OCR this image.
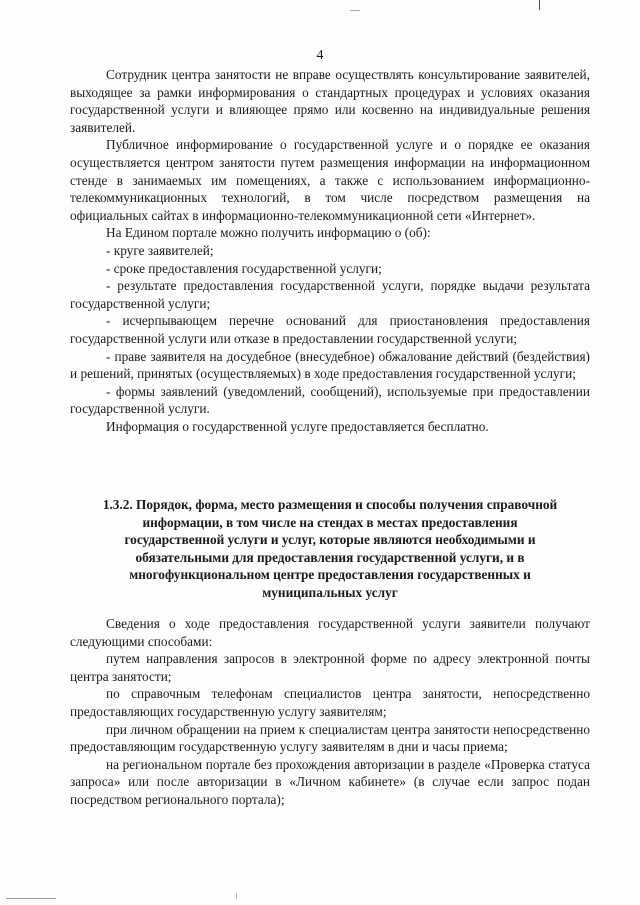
4

Сотрудник центра занятости не вправе осуществлять консультирование заявителей, выходящее за рамки информирования о стандартных процедурах и условиях оказания государственной услуги и влияющее прямо или косвенно на индивидуальные решения заявителей.

Публичное информирование о государственной услуге и о порядке ее оказания осуществляется центром занятости путем размещения информации на информационном стенде в занимаемых им помещениях, а также с использованием информационно-телекоммуникационных технологий, в том числе посредством размещения на официальных сайтах в информационно-телекоммуникационной сети «Интернет».

На Едином портале можно получить информацию о (об):

- круге заявителей;

- сроке предоставления государственной услуги;

- результате предоставления государственной услуги, порядке выдачи результата государственной услуги;

- исчерпывающем перечне оснований для приостановления предоставления государственной услуги или отказе в предоставлении государственной услуги;

- праве заявителя на досудебное (внесудебное) обжалование действий (бездействия) и решений, принятых (осуществляемых) в ходе предоставления государственной услуги;

- формы заявлений (уведомлений, сообщений), используемые при предоставлении государственной услуги.

Информация о государственной услуге предоставляется бесплатно.

1.3.2. Порядок, форма, место размещения и способы получения справочной

информации, в том числе на стендах в местах предоставления

государственной услуги и услуг, которые являются необходимыми и

обязательными для предоставления государственной услуги, и в

многофункциональном центре предоставления государственных и

муниципальных услуг

Сведения о ходе предоставления государственной услуги заявители получают следующими способами:

путем направления запросов в электронной форме по адресу электронной почты центра занятости;

по справочным телефонам специалистов центра занятости, непосредственно предоставляющих государственную услугу заявителям;

при личном обращении на прием к специалистам центра занятости непосредственно предоставляющим государственную услугу заявителям в дни и часы приема;

на региональном портале без прохождения авторизации в разделе «Проверка статуса запроса» или после авторизации в «Личном кабинете» (в случае если запрос подан посредством регионального портала);
